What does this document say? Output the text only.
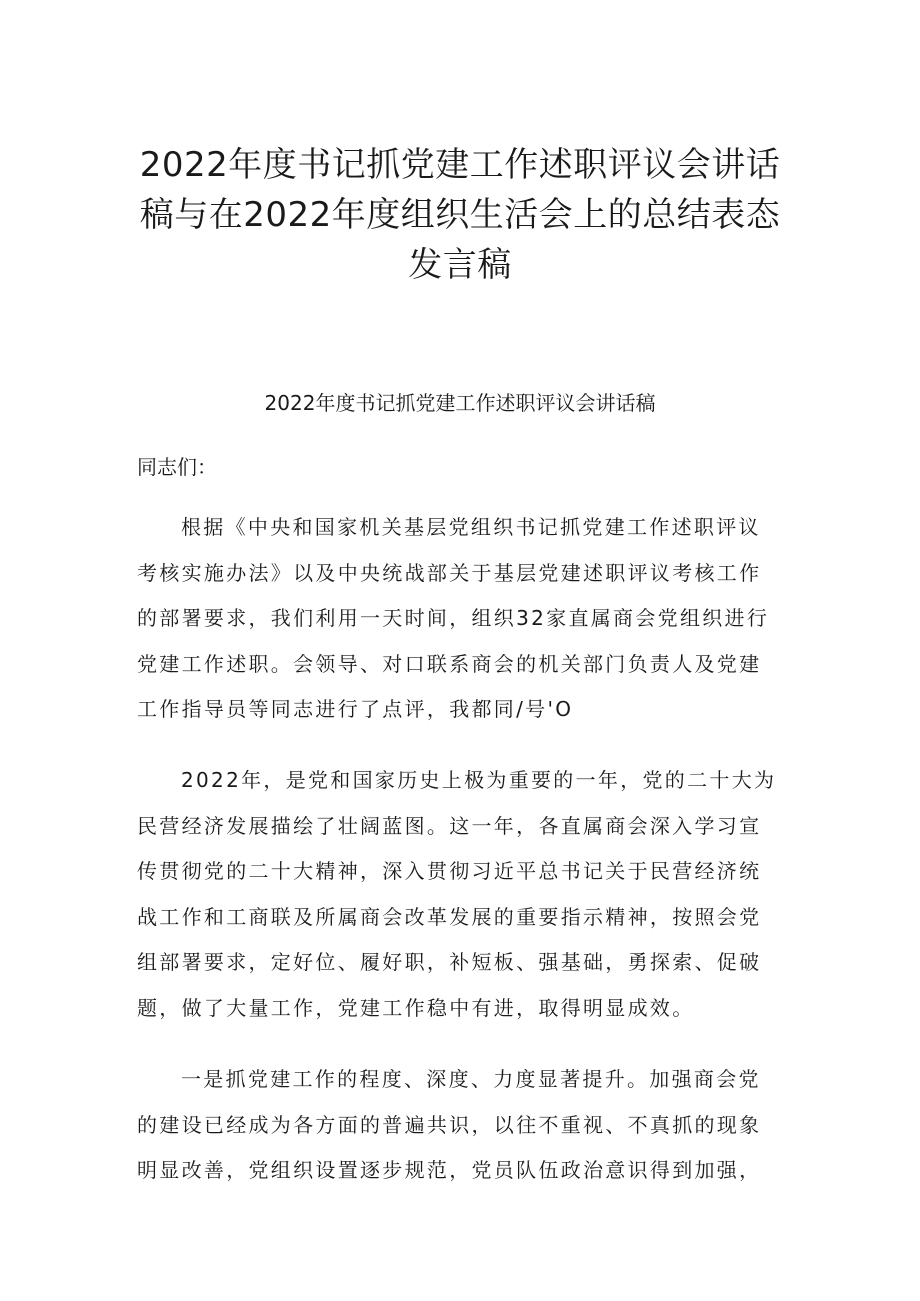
2022年度书记抓党建工作述职评议会讲话
稿与在2022年度组织生活会上的总结表态
发言稿
2022年度书记抓党建工作述职评议会讲话稿

同志们：

根据《中央和国家机关基层党组织书记抓党建工作述职评议
考核实施办法》以及中央统战部关于基层党建述职评议考核工作
的部署要求，我们利用一天时间，组织32家直属商会党组织进行
党建工作述职。会领导、对口联系商会的机关部门负责人及党建
工作指导员等同志进行了点评，我都同/号'O
2022年，是党和国家历史上极为重要的一年，党的二十大为
民营经济发展描绘了壮阔蓝图。这一年，各直属商会深入学习宣
传贯彻党的二十大精神，深入贯彻习近平总书记关于民营经济统
战工作和工商联及所属商会改革发展的重要指示精神，按照会党
组部署要求，定好位、履好职，补短板、强基础，勇探索、促破
题，做了大量工作，党建工作稳中有进，取得明显成效。
一是抓党建工作的程度、深度、力度显著提升。加强商会党
的建设已经成为各方面的普遍共识，以往不重视、不真抓的现象
明显改善，党组织设置逐步规范，党员队伍政治意识得到加强，
